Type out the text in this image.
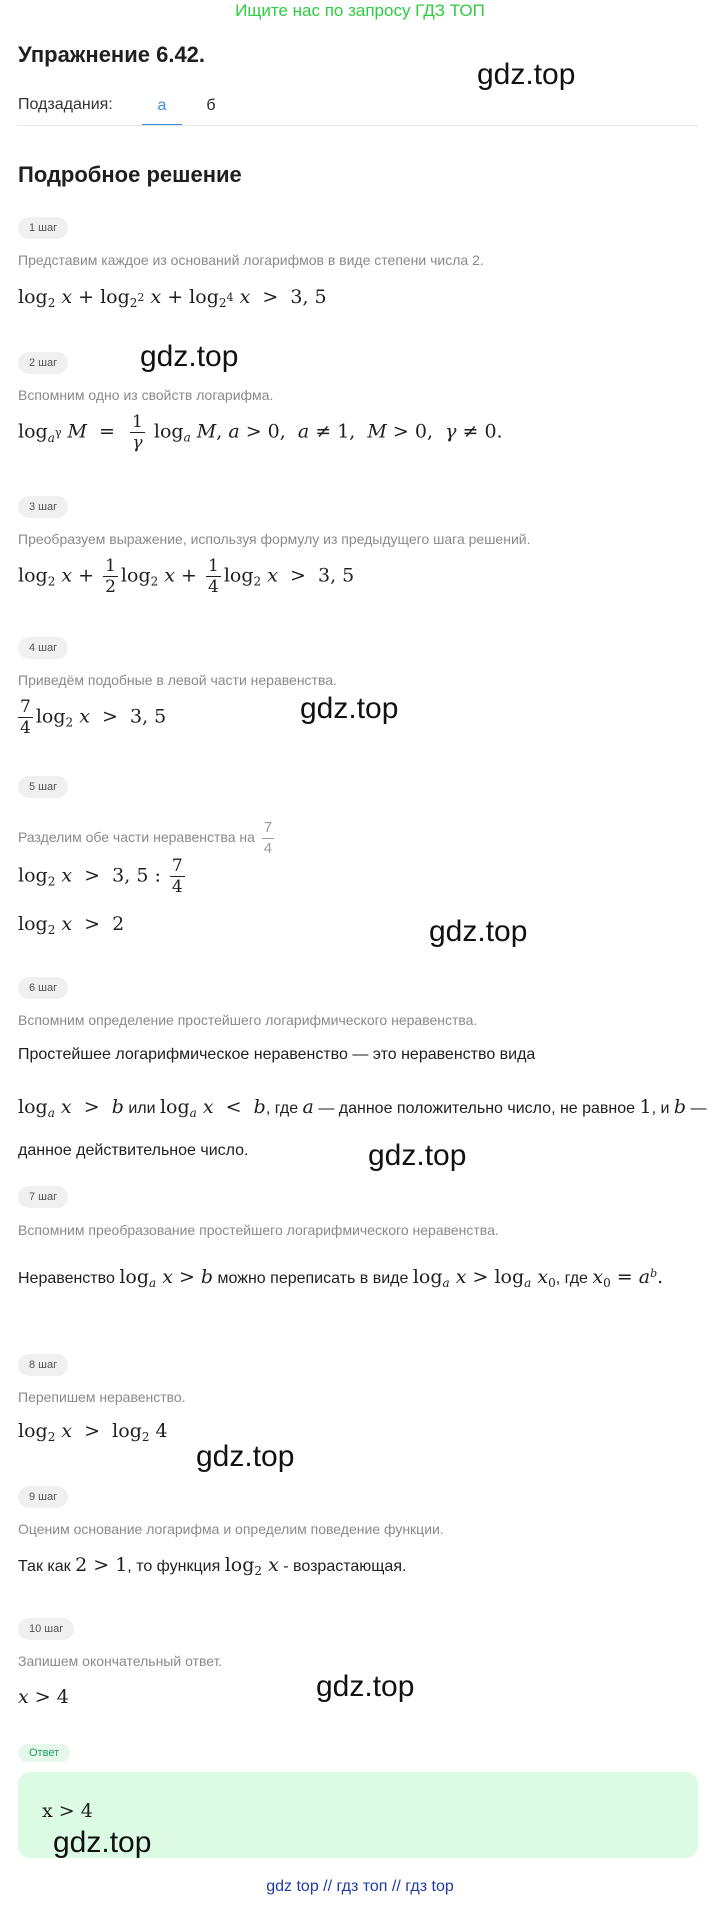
Ищите нас по запросу ГДЗ ТОП
Упражнение 6.42.
Подзадания:	а	б
Подробное решение
1 шаг
Представим каждое из оснований логарифмов в виде степени числа 2.
$\log_2 x + \log_{2^2} x + \log_{2^4} x > 3$, 5
2 шаг
Вспомним одно из свойств логарифма.
$\log_{a^\gamma} M = \frac{1}{\gamma} \log_a M$, a > 0,  a ≠ 1,  M > 0,  γ ≠ 0.
3 шаг
Преобразуем выражение, используя формулу из предыдущего шага решений.
$\log_2 x + \frac{1}{2} \log_2 x + \frac{1}{4} \log_2 x > 3$, 5
4 шаг
Приведём подобные в левой части неравенства.
$\frac{7}{4} \log_2 x > 3$, 5
5 шаг
Разделим обе части неравенства на $\frac{7}{4}$
$\log_2 x > 3$, 5 : $\frac{7}{4}$
$\log_2 x > 2$
6 шаг
Вспомним определение простейшего логарифмического неравенства.
Простейшее логарифмическое неравенство — это неравенство вида
$\log_a x > b$ или $\log_a x < b$, где a — данное положительно число, не равное 1, и b — данное действительное число.
7 шаг
Вспомним преобразование простейшего логарифмического неравенства.
Неравенство $\log_a x > b$ можно переписать в виде $\log_a x > \log_a x_0$, где $x_0 = a^b$.
8 шаг
Перепишем неравенство.
$\log_2 x > \log_2 4$
9 шаг
Оценим основание логарифма и определим поведение функции.
Так как 2 > 1, то функция $\log_2 x$ - возрастающая.
10 шаг
Запишем окончательный ответ.
x > 4
Ответ
x > 4
gdz.top
gdz.top
gdz.top
gdz.top
gdz.top
gdz.top
gdz.top
gdz.top
gdz top // гдз топ // гдз top
